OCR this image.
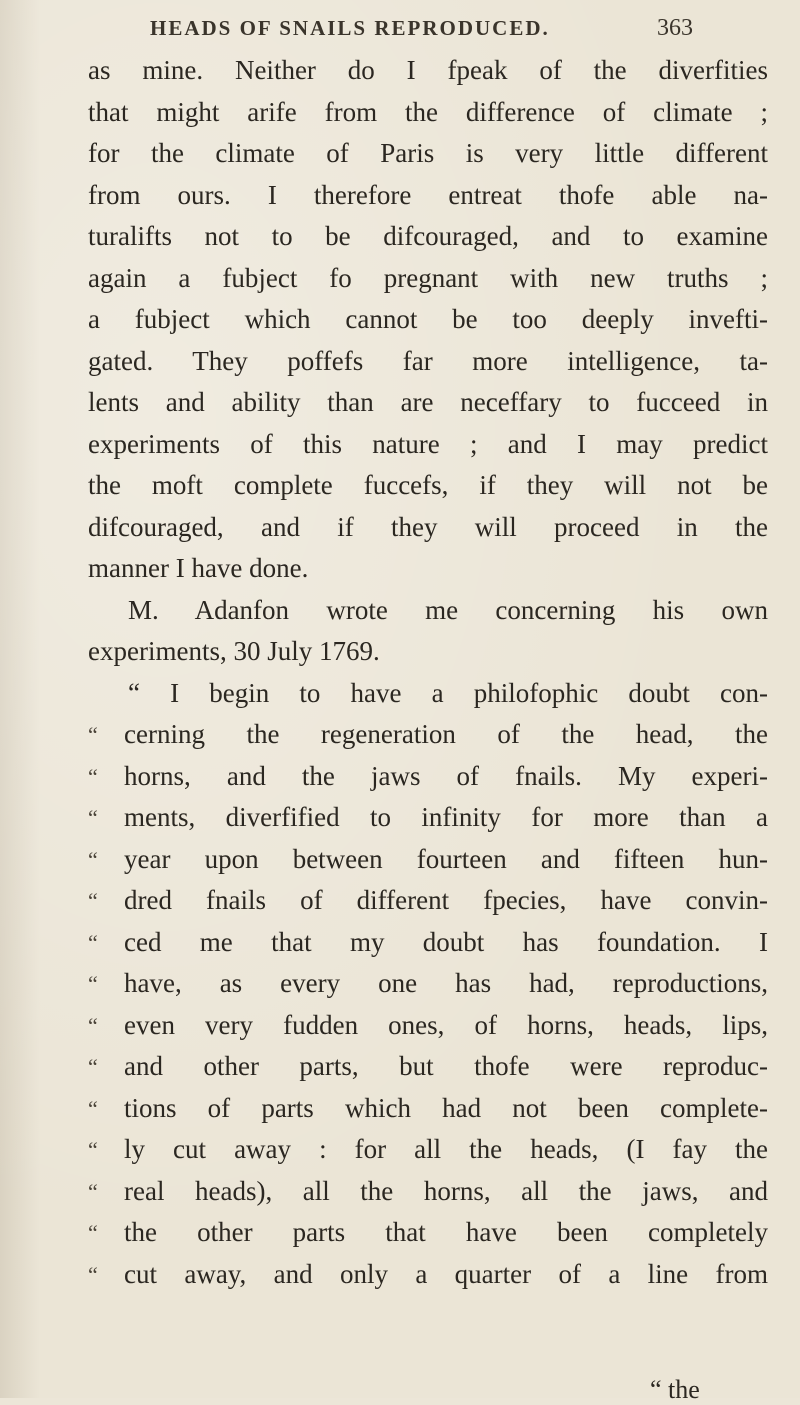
HEADS OF SNAILS REPRODUCED.	363
as mine. Neither do I fpeak of the diverfities
that might arife from the difference of climate ;
for the climate of Paris is very little different
from ours. I therefore entreat thofe able na-
turalifts not to be difcouraged, and to examine
again a fubject fo pregnant with new truths ;
a fubject which cannot be too deeply invefti-
gated. They poffefs far more intelligence, ta-
lents and ability than are neceffary to fucceed in
experiments of this nature ; and I may predict
the moft complete fuccefs, if they will not be
difcouraged, and if they will proceed in the
manner I have done.
M. Adanfon wrote me concerning his own
experiments, 30 July 1769.
“ I begin to have a philofophic doubt con-
“ cerning the regeneration of the head, the
“ horns, and the jaws of fnails. My experi-
“ ments, diverfified to infinity for more than a
“ year upon between fourteen and fifteen hun-
“ dred fnails of different fpecies, have convin-
“ ced me that my doubt has foundation. I
“ have, as every one has had, reproductions,
“ even very fudden ones, of horns, heads, lips,
“ and other parts, but thofe were reproduc-
“ tions of parts which had not been complete-
“ ly cut away : for all the heads, (I fay the
“ real heads), all the horns, all the jaws, and
“ the other parts that have been completely
“ cut away, and only a quarter of a line from
“ the
